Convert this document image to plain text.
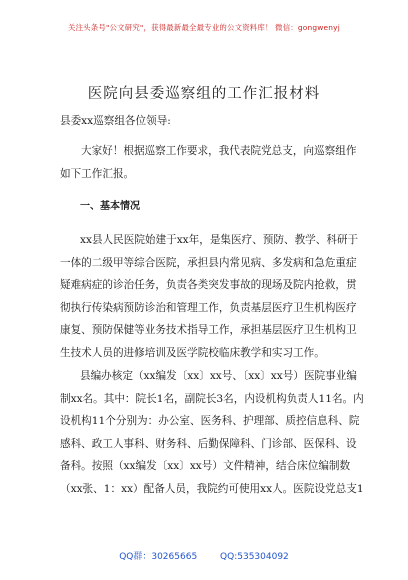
关注头条号"公文研究"，获得最新最全最专业的公文资料库！ 微信：gongwenyj
医院向县委巡察组的工作汇报材料
县委xx巡察组各位领导:
大家好！根据巡察工作要求，我代表院党总支，向巡察组作
如下工作汇报。
一、基本情况
xx县人民医院始建于xx年，是集医疗、预防、教学、科研于
一体的二级甲等综合医院，承担县内常见病、多发病和急危重症
疑难病症的诊治任务，负责各类突发事故的现场及院内抢救，贯
彻执行传染病预防诊治和管理工作，负责基层医疗卫生机构医疗
康复、预防保健等业务技术指导工作，承担基层医疗卫生机构卫
生技术人员的进修培训及医学院校临床教学和实习工作。
县编办核定（xx编发〔xx〕xx号、〔xx〕xx号）医院事业编
制xx名。其中：院长1名，副院长3名，内设机构负责人11名。内
设机构11个分别为：办公室、医务科、护理部、质控信息科、院
感科、政工人事科、财务科、后勤保障科、门诊部、医保科、设
备科。按照（xx编发〔xx〕xx号）文件精神，结合床位编制数
（xx张、1：xx）配备人员，我院约可使用xx人。医院设党总支1
QQ群：30265665	QQ:535304092
